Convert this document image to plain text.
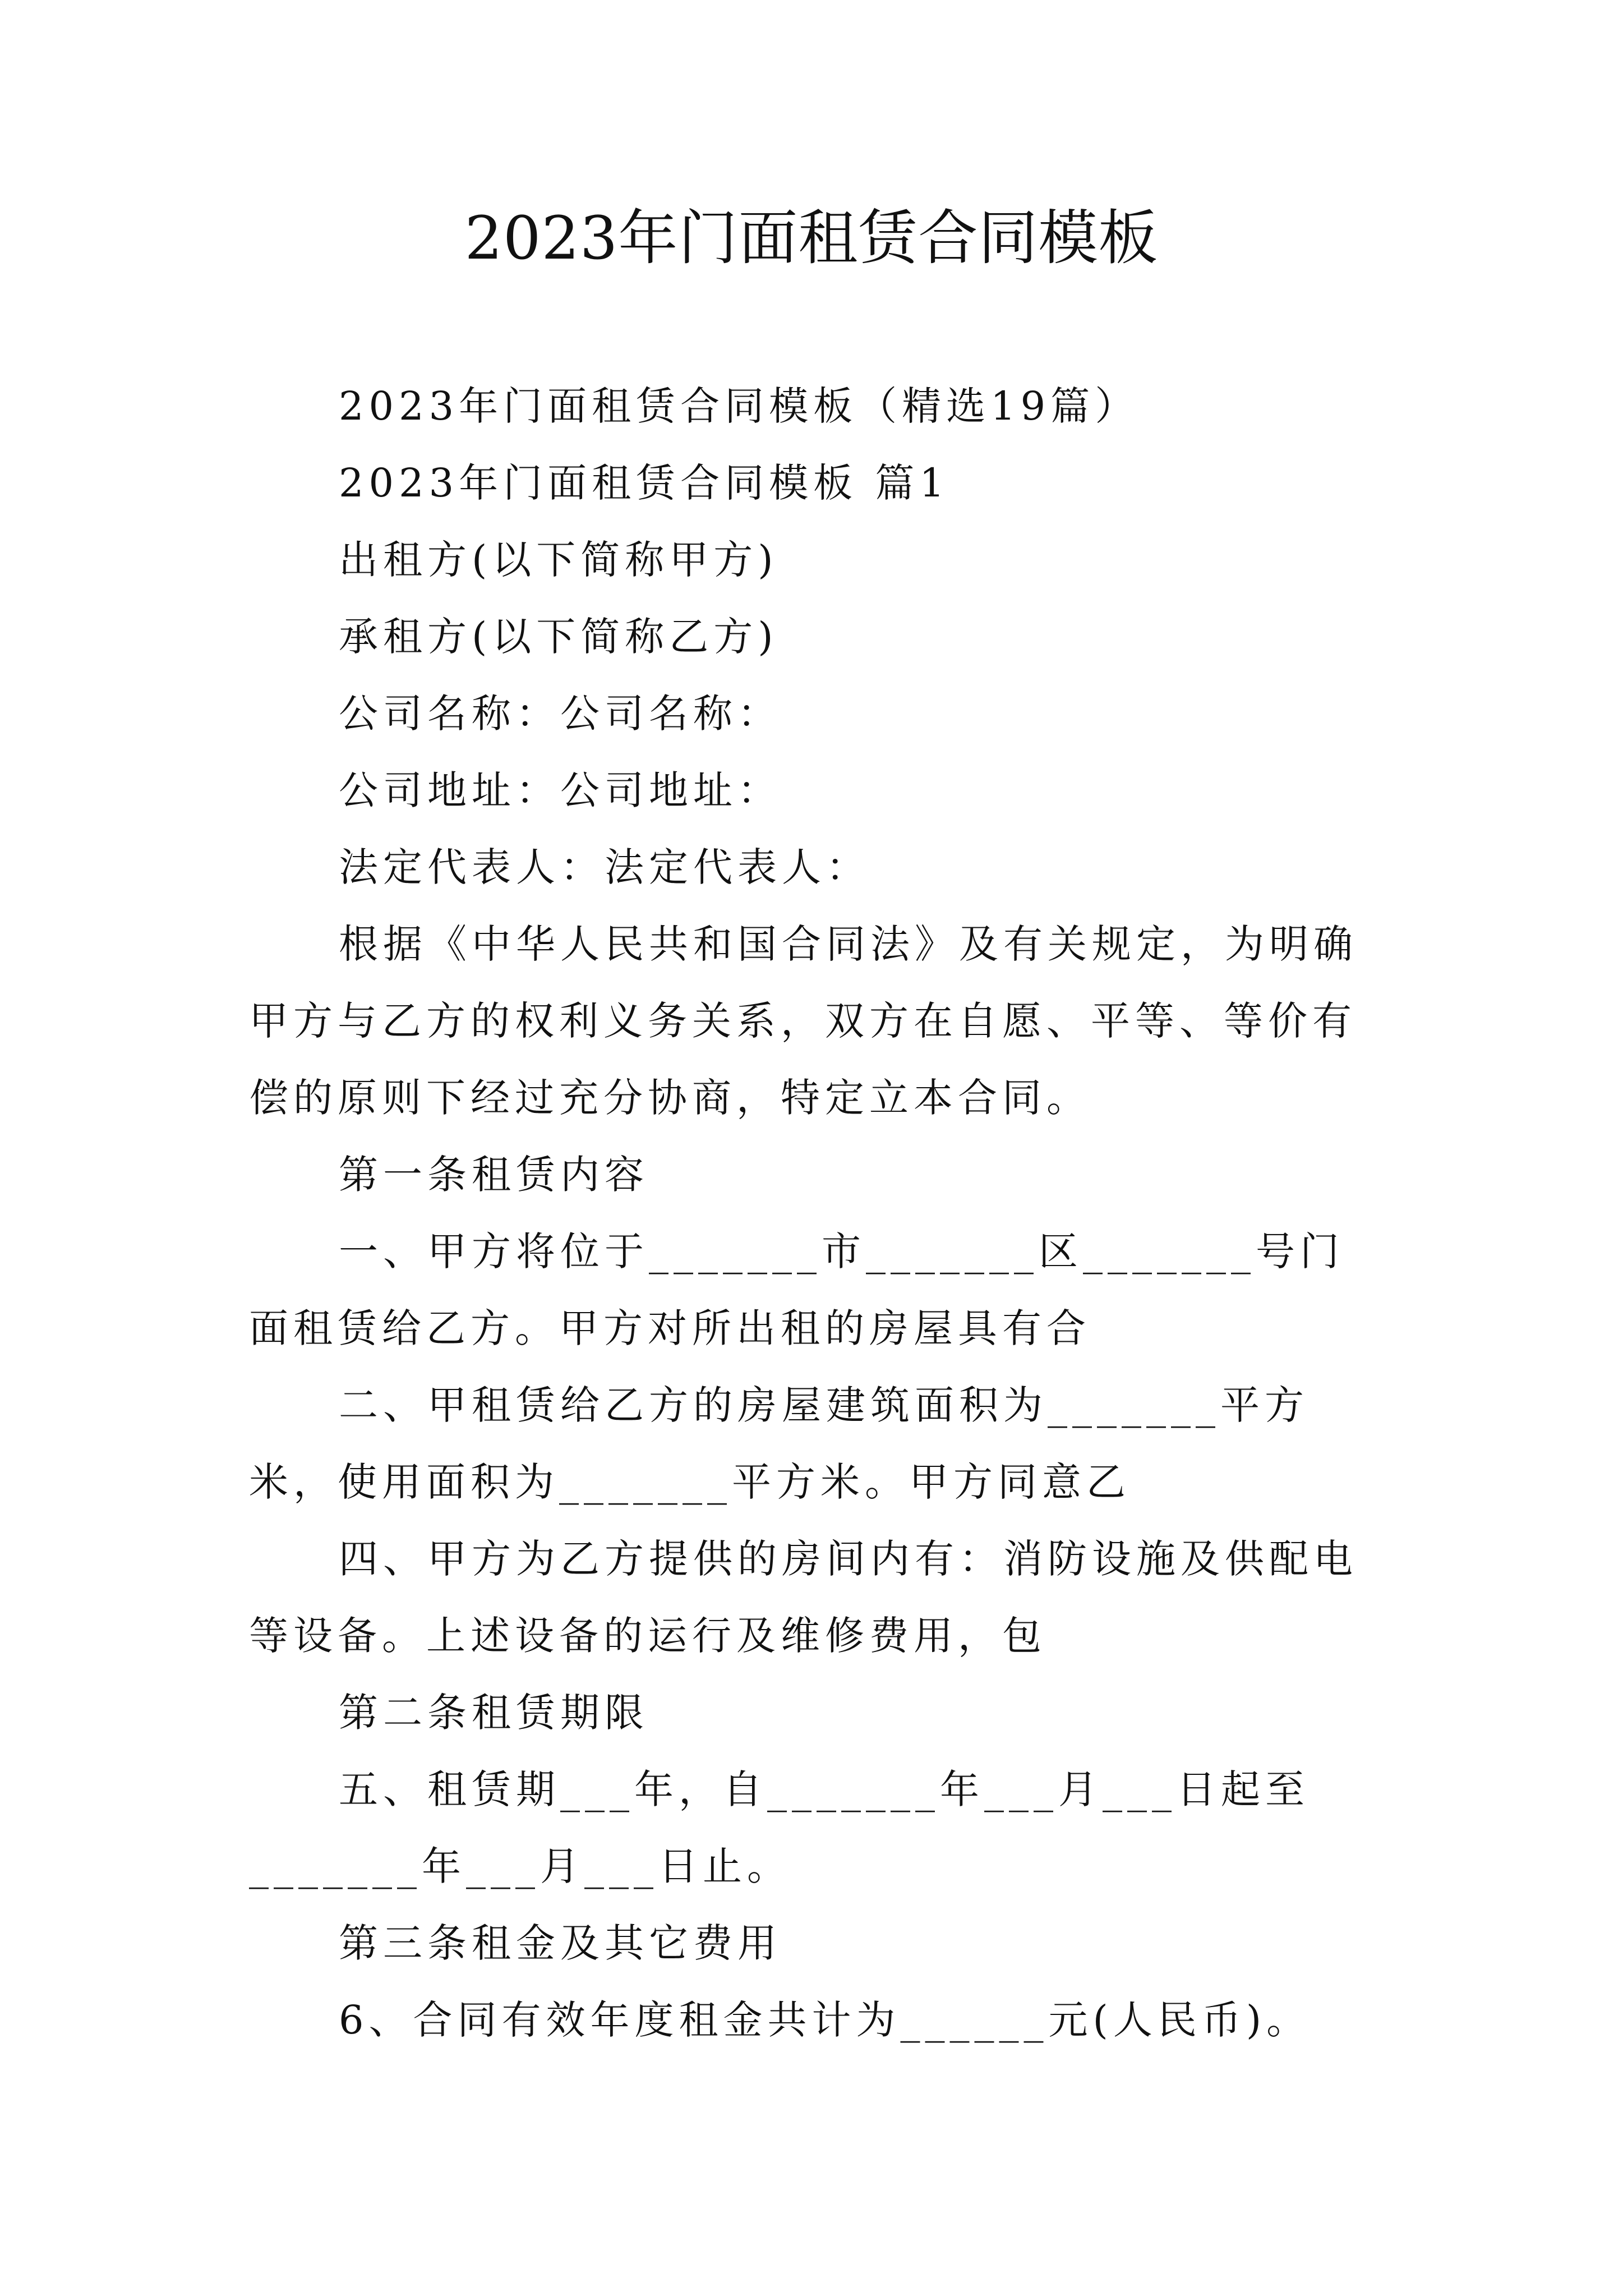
2023年门面租赁合同模板

2023年门面租赁合同模板（精选19篇）

2023年门面租赁合同模板 篇1

出租方(以下简称甲方)

承租方(以下简称乙方)

公司名称：公司名称：

公司地址：公司地址：

法定代表人：法定代表人：

根据《中华人民共和国合同法》及有关规定，为明确甲方与乙方的权利义务关系，双方在自愿、平等、等价有偿的原则下经过充分协商，特定立本合同。

第一条租赁内容

一、甲方将位于_______市_______区_______号门面租赁给乙方。甲方对所出租的房屋具有合

二、甲租赁给乙方的房屋建筑面积为_______平方米，使用面积为_______平方米。甲方同意乙

四、甲方为乙方提供的房间内有：消防设施及供配电等设备。上述设备的运行及维修费用，包

第二条租赁期限

五、租赁期___年，自_______年___月___日起至_______年___月___日止。

第三条租金及其它费用

6、合同有效年度租金共计为______元(人民币)。
